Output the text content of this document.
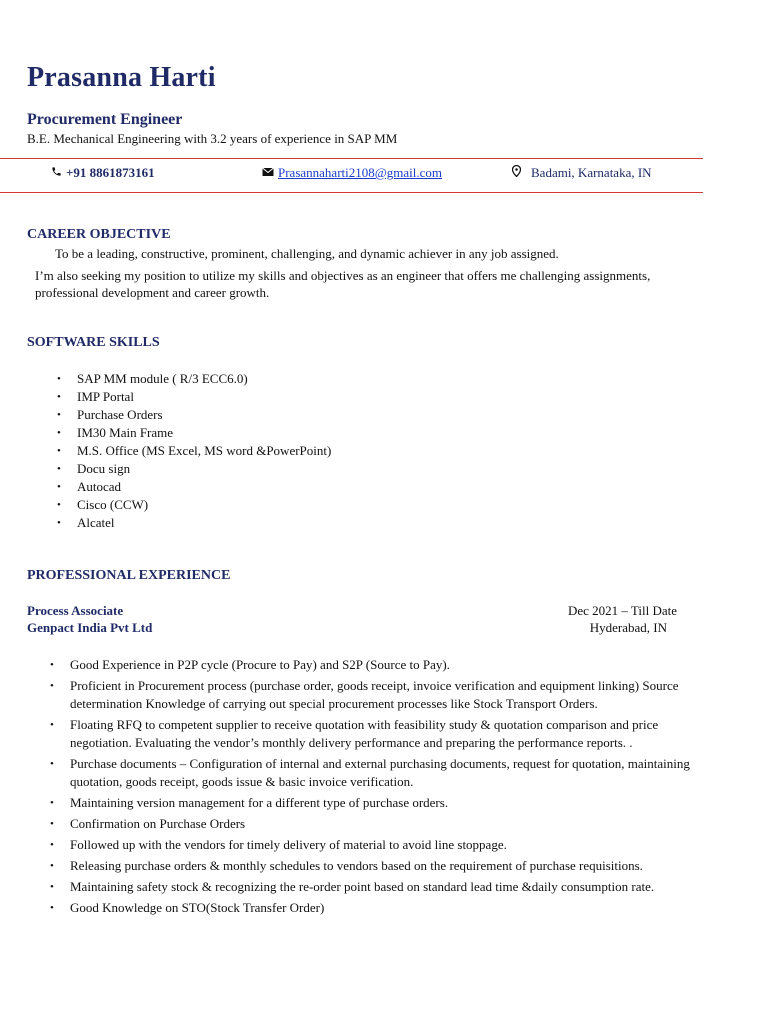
Prasanna Harti
Procurement Engineer
B.E. Mechanical Engineering with 3.2 years of experience in SAP MM
+91 8861873161	Prasannaharti2108@gmail.com	Badami, Karnataka, IN
CAREER OBJECTIVE
To be a leading, constructive, prominent, challenging, and dynamic achiever in any job assigned.
I’m also seeking my position to utilize my skills and objectives as an engineer that offers me challenging assignments, professional development and career growth.
SOFTWARE SKILLS
• SAP MM module ( R/3 ECC6.0)
• IMP Portal
• Purchase Orders
• IM30 Main Frame
• M.S. Office (MS Excel, MS word &PowerPoint)
• Docu sign
• Autocad
• Cisco (CCW)
• Alcatel
PROFESSIONAL EXPERIENCE
Process Associate
Genpact India Pvt Ltd
Dec 2021 – Till Date
Hyderabad, IN
• Good Experience in P2P cycle (Procure to Pay) and S2P (Source to Pay).
• Proficient in Procurement process (purchase order, goods receipt, invoice verification and equipment linking) Source determination Knowledge of carrying out special procurement processes like Stock Transport Orders.
• Floating RFQ to competent supplier to receive quotation with feasibility study & quotation comparison and price negotiation. Evaluating the vendor’s monthly delivery performance and preparing the performance reports. .
• Purchase documents – Configuration of internal and external purchasing documents, request for quotation, maintaining quotation, goods receipt, goods issue & basic invoice verification.
• Maintaining version management for a different type of purchase orders.
• Confirmation on Purchase Orders
• Followed up with the vendors for timely delivery of material to avoid line stoppage.
• Releasing purchase orders & monthly schedules to vendors based on the requirement of purchase requisitions.
• Maintaining safety stock & recognizing the re-order point based on standard lead time &daily consumption rate.
• Good Knowledge on STO(Stock Transfer Order)
